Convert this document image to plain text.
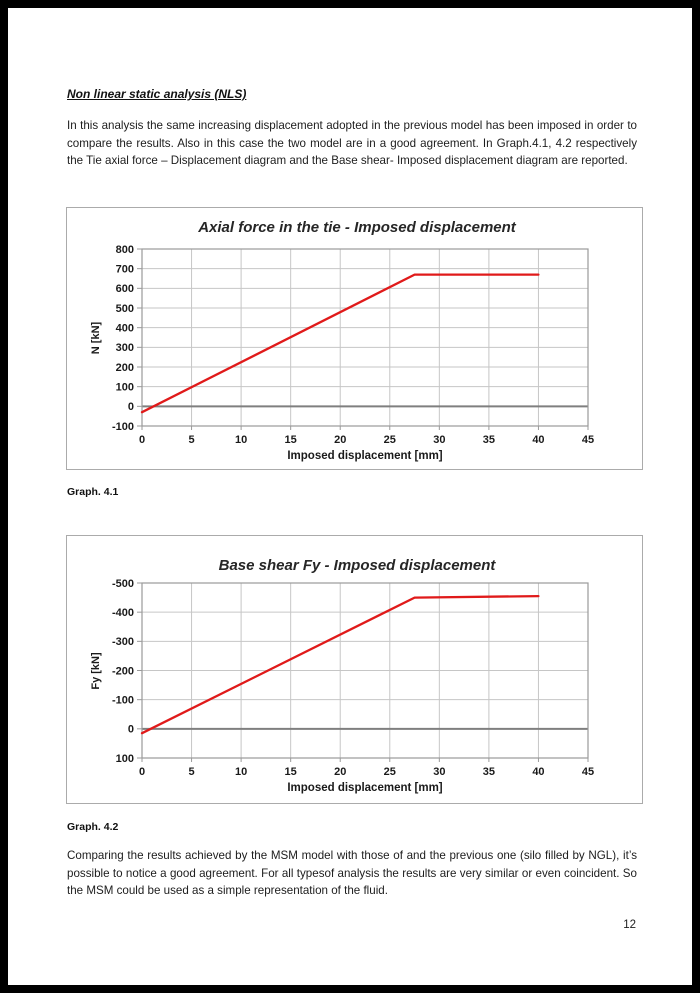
Non linear static analysis (NLS)
In this analysis the same increasing displacement adopted in the previous model has been imposed in order to compare the results. Also in this case the two model are in a good agreement. In Graph.4.1, 4.2 respectively the Tie axial force – Displacement diagram and the Base shear- Imposed displacement diagram are reported.
Axial force in the tie - Imposed displacement
N [kN]
0	5	10	15	20	25	30	35	40	45
800
700
600
500
400
300
200
100
0
-100
Imposed displacement [mm]
Graph. 4.1
Base shear Fy - Imposed displacement
Fy [kN]
0	5	10	15	20	25	30	35	40	45
-500
-400
-300
-200
-100
0
100
Imposed displacement [mm]
Graph. 4.2
Comparing the results achieved by the MSM model with those of and the previous one (silo filled by NGL), it’s possible to notice a good agreement. For all typesof analysis the results are very similar or even coincident. So the MSM could be used as a simple representation of the fluid.
12
